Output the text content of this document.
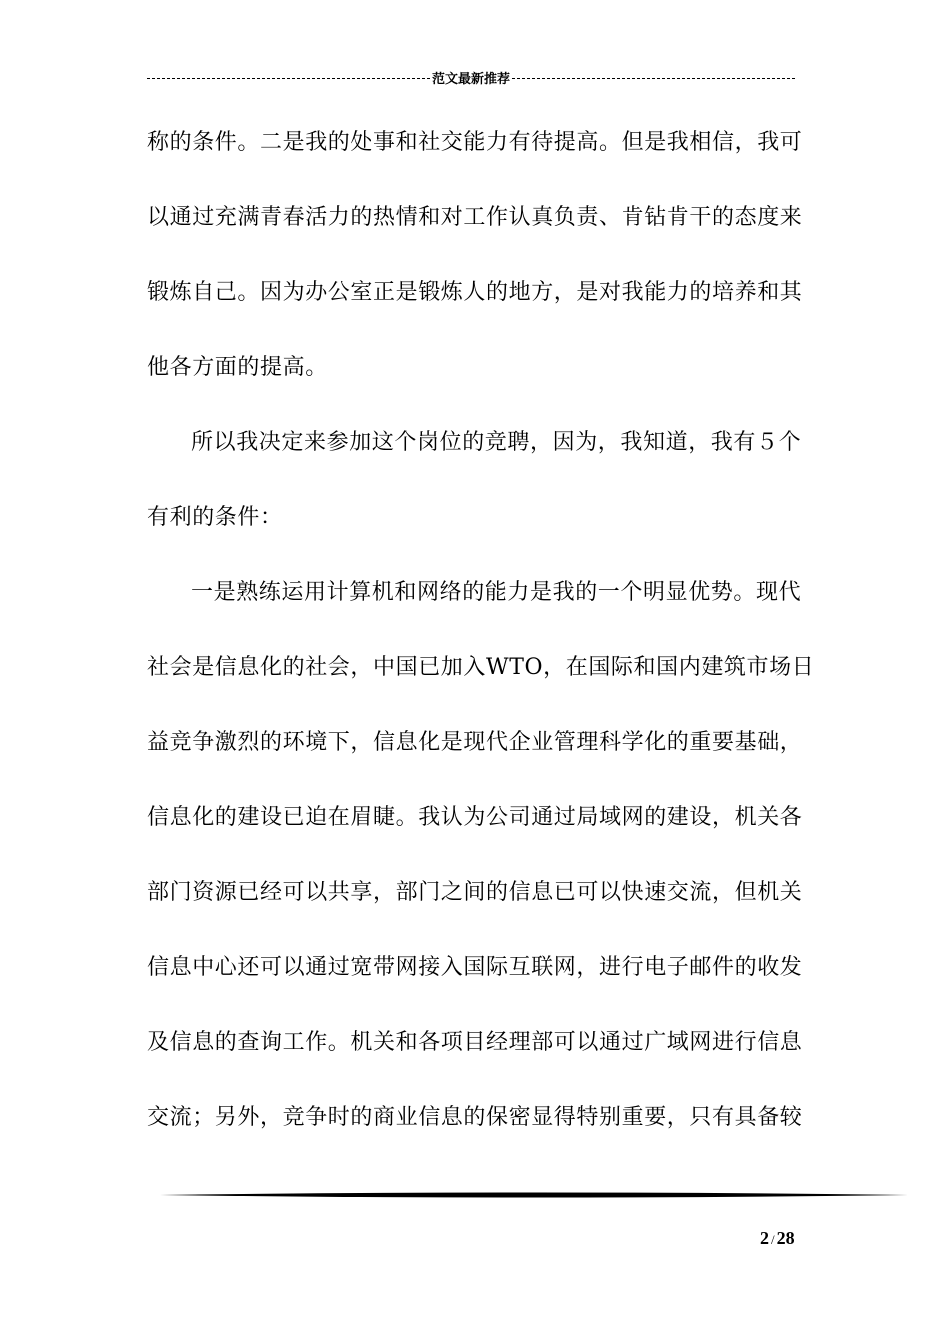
范文最新推荐
称的条件。二是我的处事和社交能力有待提高。但是我相信，我可
以通过充满青春活力的热情和对工作认真负责、肯钻肯干的态度来
锻炼自己。因为办公室正是锻炼人的地方，是对我能力的培养和其
他各方面的提高。
所以我决定来参加这个岗位的竞聘，因为，我知道，我有５个
有利的条件：
一是熟练运用计算机和网络的能力是我的一个明显优势。现代
社会是信息化的社会，中国已加入WTO，在国际和国内建筑市场日
益竞争激烈的环境下，信息化是现代企业管理科学化的重要基础，
信息化的建设已迫在眉睫。我认为公司通过局域网的建设，机关各
部门资源已经可以共享，部门之间的信息已可以快速交流，但机关
信息中心还可以通过宽带网接入国际互联网，进行电子邮件的收发
及信息的查询工作。机关和各项目经理部可以通过广域网进行信息
交流；另外，竞争时的商业信息的保密显得特别重要，只有具备较
2 / 28
